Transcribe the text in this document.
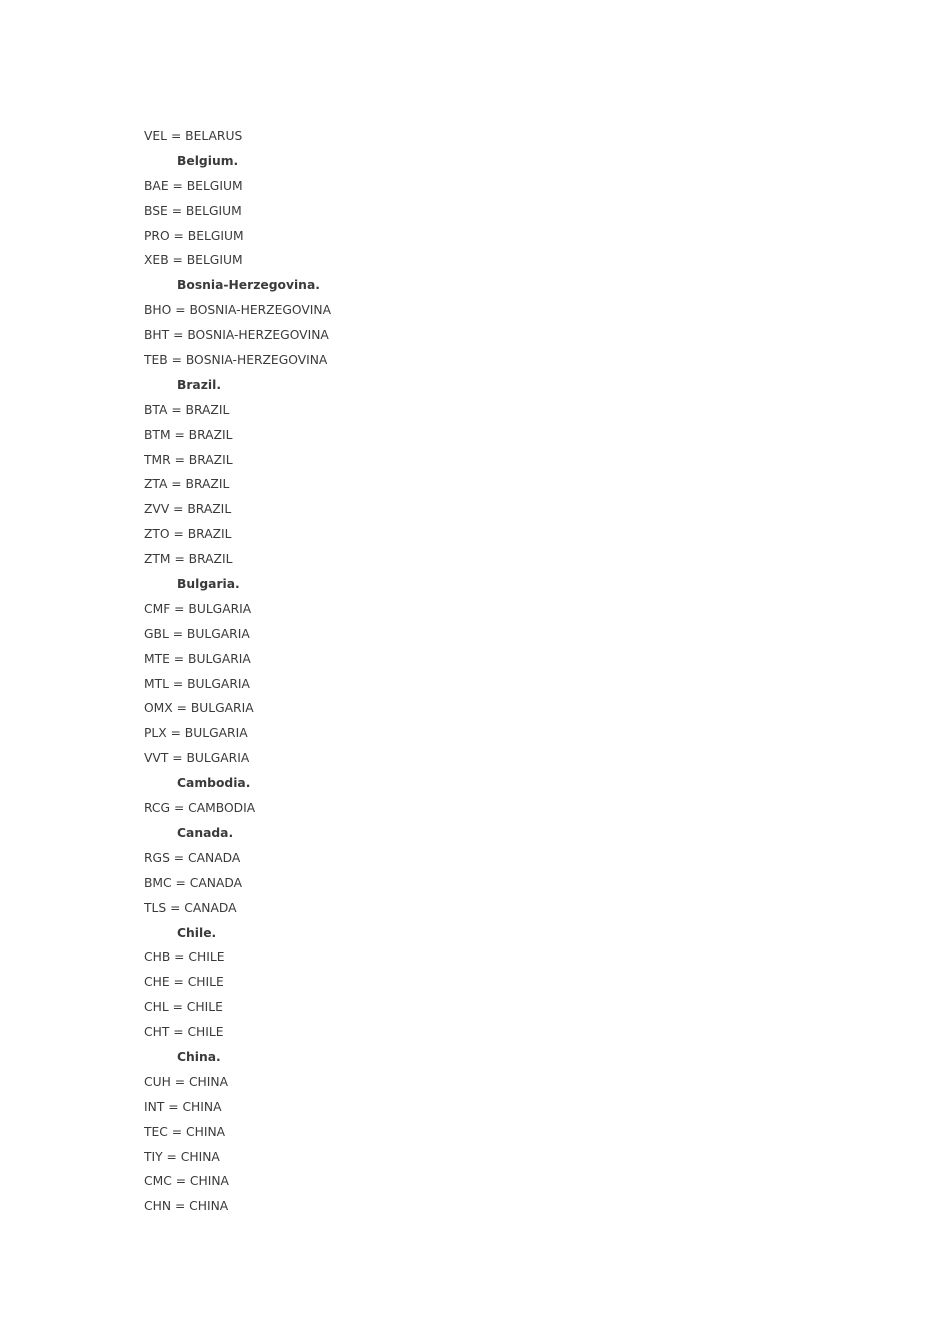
VEL = BELARUS
Belgium.
BAE = BELGIUM
BSE = BELGIUM
PRO = BELGIUM
XEB = BELGIUM
Bosnia-Herzegovina.
BHO = BOSNIA-HERZEGOVINA
BHT = BOSNIA-HERZEGOVINA
TEB = BOSNIA-HERZEGOVINA
Brazil.
BTA = BRAZIL
BTM = BRAZIL
TMR = BRAZIL
ZTA = BRAZIL
ZVV = BRAZIL
ZTO = BRAZIL
ZTM = BRAZIL
Bulgaria.
CMF = BULGARIA
GBL = BULGARIA
MTE = BULGARIA
MTL = BULGARIA
OMX = BULGARIA
PLX = BULGARIA
VVT = BULGARIA
Cambodia.
RCG = CAMBODIA
Canada.
RGS = CANADA
BMC = CANADA
TLS = CANADA
Chile.
CHB = CHILE
CHE = CHILE
CHL = CHILE
CHT = CHILE
China.
CUH = CHINA
INT = CHINA
TEC = CHINA
TIY = CHINA
CMC = CHINA
CHN = CHINA
